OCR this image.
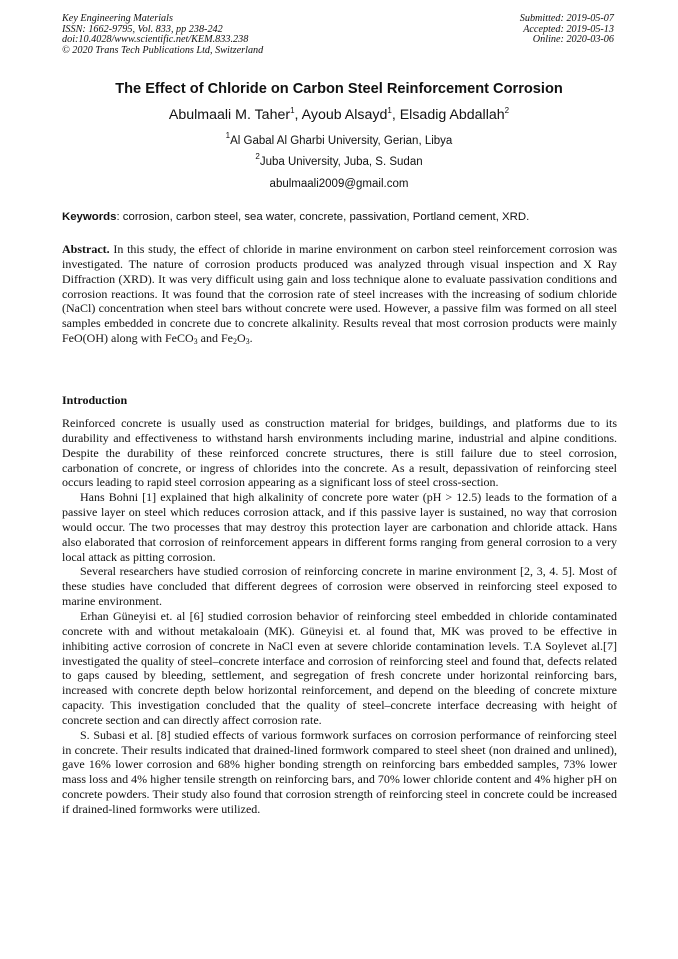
Key Engineering Materials
ISSN: 1662-9795, Vol. 833, pp 238-242
doi:10.4028/www.scientific.net/KEM.833.238
© 2020 Trans Tech Publications Ltd, Switzerland
Submitted: 2019-05-07
Accepted: 2019-05-13
Online: 2020-03-06
The Effect of Chloride on Carbon Steel Reinforcement Corrosion
Abulmaali M. Taher$^1$, Ayoub Alsayd$^1$, Elsadig Abdallah$^2$
$^1$Al Gabal Al Gharbi University, Gerian, Libya
$^2$Juba University, Juba, S. Sudan
abulmaali2009@gmail.com
Keywords: corrosion, carbon steel, sea water, concrete, passivation, Portland cement, XRD.
Abstract. In this study, the effect of chloride in marine environment on carbon steel reinforcement corrosion was investigated. The nature of corrosion products produced was analyzed through visual inspection and X Ray Diffraction (XRD). It was very difficult using gain and loss technique alone to evaluate passivation conditions and corrosion reactions. It was found that the corrosion rate of steel increases with the increasing of sodium chloride (NaCl) concentration when steel bars without concrete were used. However, a passive film was formed on all steel samples embedded in concrete due to concrete alkalinity. Results reveal that most corrosion products were mainly FeO(OH) along with FeCO$_3$ and $Fe_2O_3$.
Introduction

Reinforced concrete is usually used as construction material for bridges, buildings, and platforms due to its durability and effectiveness to withstand harsh environments including marine, industrial and alpine conditions. Despite the durability of these reinforced concrete structures, there is still failure due to steel corrosion, carbonation of concrete, or ingress of chlorides into the concrete. As a result, depassivation of reinforcing steel occurs leading to rapid steel corrosion appearing as a significant loss of steel cross-section.

Hans Bohni [1] explained that high alkalinity of concrete pore water (pH > 12.5) leads to the formation of a passive layer on steel which reduces corrosion attack, and if this passive layer is sustained, no way that corrosion would occur. The two processes that may destroy this protection layer are carbonation and chloride attack. Hans also elaborated that corrosion of reinforcement appears in different forms ranging from general corrosion to a very local attack as pitting corrosion.

Several researchers have studied corrosion of reinforcing concrete in marine environment [2, 3, 4. 5]. Most of these studies have concluded that different degrees of corrosion were observed in reinforcing steel exposed to marine environment.

Erhan Güneyisi et. al [6] studied corrosion behavior of reinforcing steel embedded in chloride contaminated concrete with and without metakaloain (MK). Güneyisi et. al found that, MK was proved to be effective in inhibiting active corrosion of concrete in NaCl even at severe chloride contamination levels. T.A Soylevet al.[7] investigated the quality of steel–concrete interface and corrosion of reinforcing steel and found that, defects related to gaps caused by bleeding, settlement, and segregation of fresh concrete under horizontal reinforcing bars, increased with concrete depth below horizontal reinforcement, and depend on the bleeding of concrete mixture capacity. This investigation concluded that the quality of steel–concrete interface decreasing with height of concrete section and can directly affect corrosion rate.

S. Subasi et al. [8] studied effects of various formwork surfaces on corrosion performance of reinforcing steel in concrete. Their results indicated that drained-lined formwork compared to steel sheet (non drained and unlined), gave 16% lower corrosion and 68% higher bonding strength on reinforcing bars embedded samples, 73% lower mass loss and 4% higher tensile strength on reinforcing bars, and 70% lower chloride content and 4% higher pH on concrete powders. Their study also found that corrosion strength of reinforcing steel in concrete could be increased if drained-lined formworks were utilized.
